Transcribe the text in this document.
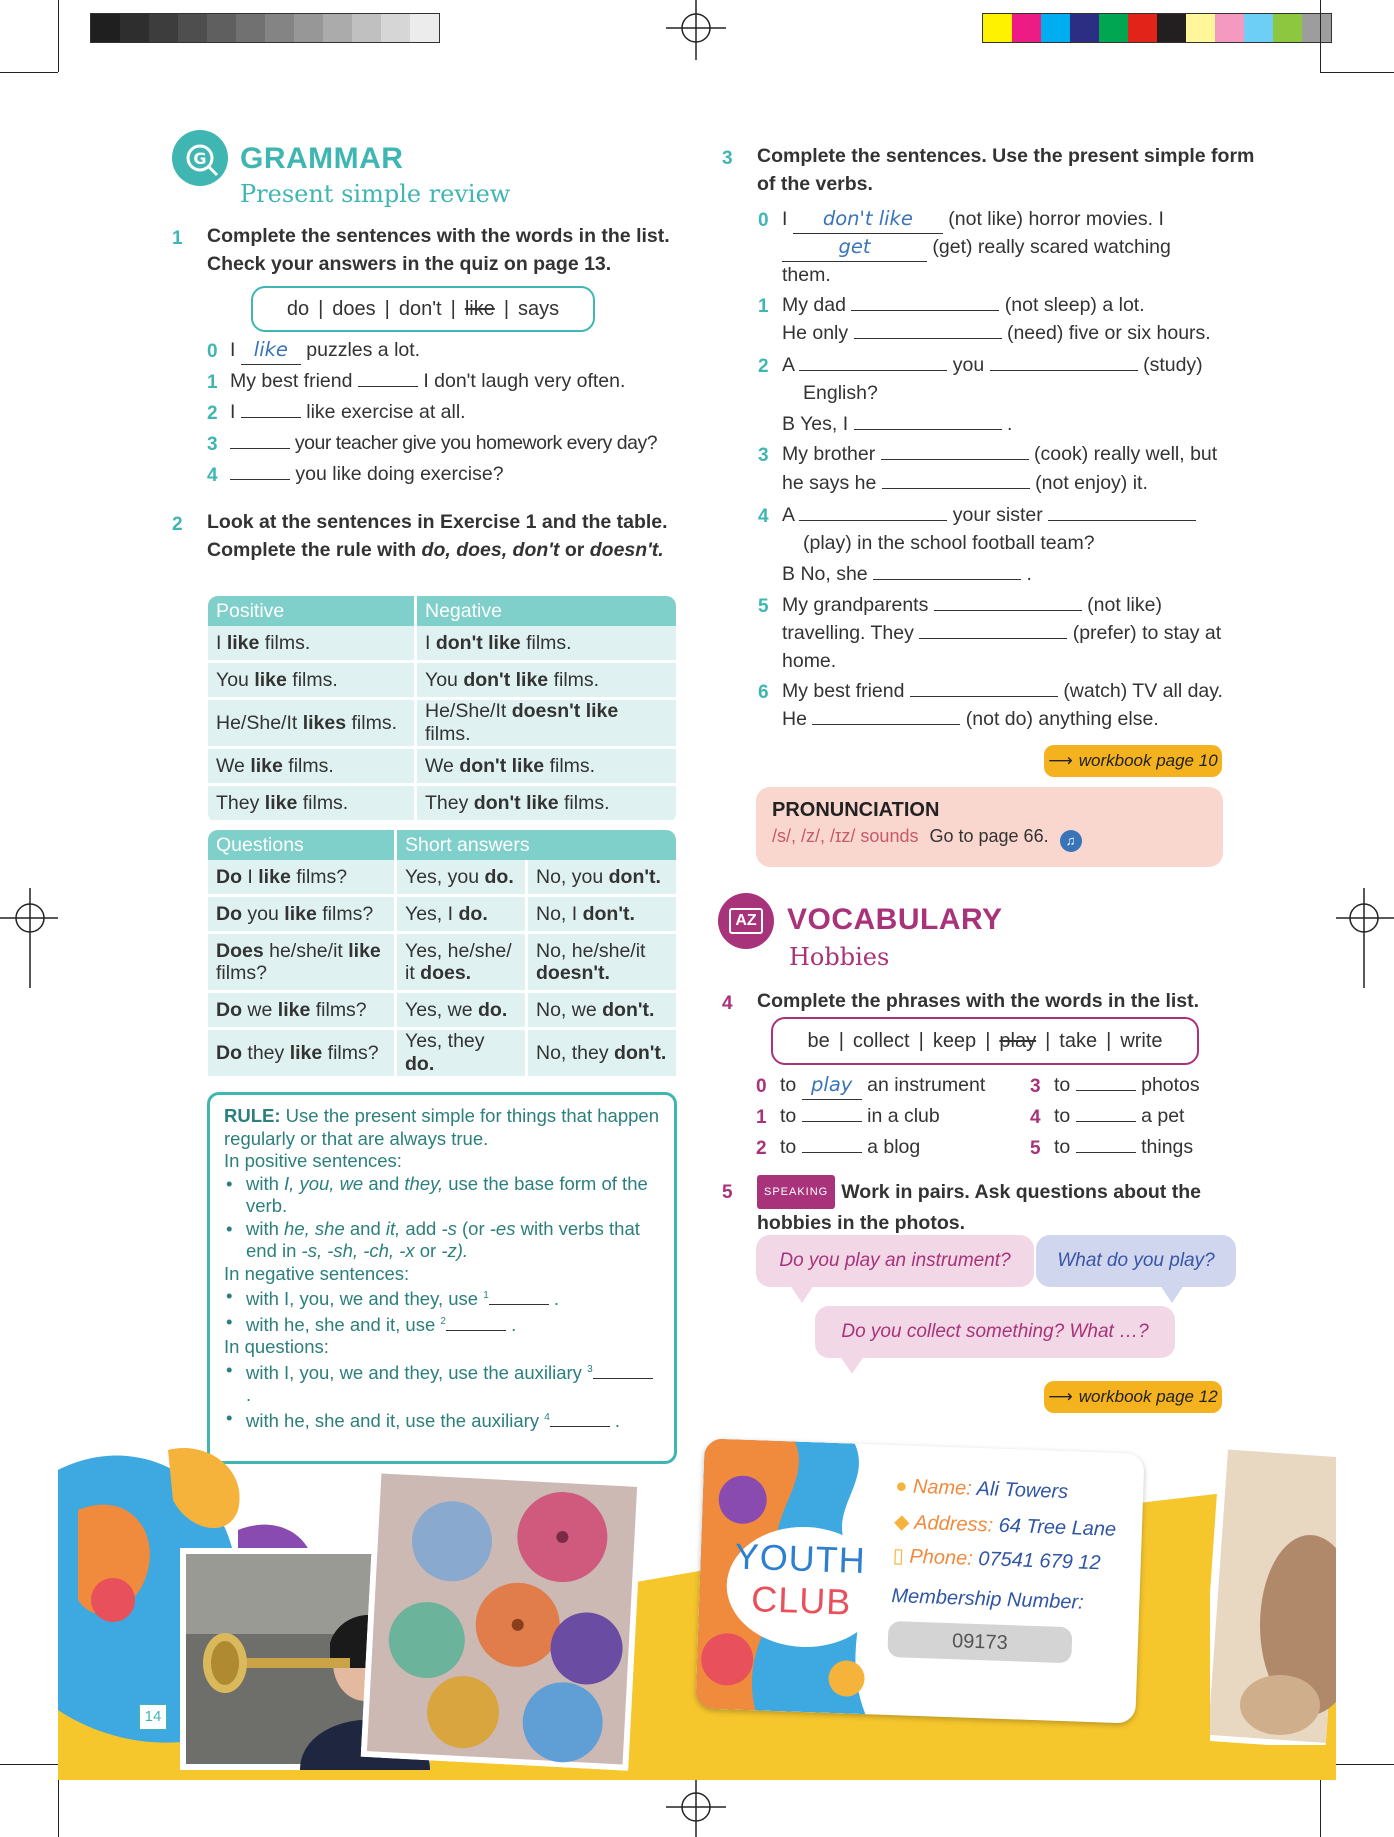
G GRAMMAR
Present simple review
1 Complete the sentences with the words in the list. Check your answers in the quiz on page 13.
do | does | don't | like | says
0 I like puzzles a lot.
1 My best friend	I don't laugh very often.
2 I	like exercise at all.
3	your teacher give you homework every day?
4	you like doing exercise?
2 Look at the sentences in Exercise 1 and the table. Complete the rule with do, does, don't or doesn't.
Positive	Negative
I like films.	I don't like films.
You like films.	You don't like films.
He/She/It likes films.	He/She/It doesn't like films.
We like films.	We don't like films.
They like films.	They don't like films.
Questions	Short answers	
Do I like films?	Yes, you do.	No, you don't.
Do you like films?	Yes, I do.	No, I don't.
Does he/she/it like films?	Yes, he/she/ it does.	No, he/she/it doesn't.
Do we like films?	Yes, we do.	No, we don't.
Do they like films?	Yes, they do.	No, they don't.
RULE: Use the present simple for things that happen regularly or that are always true.
In positive sentences:
• with I, you, we and they, use the base form of the verb.
• with he, she and it, add -s (or -es with verbs that end in -s, -sh, -ch, -x or -z).
In negative sentences:
• with I, you, we and they, use $^1$	.
• with he, she and it, use $^2$	.
In questions:
• with I, you, we and they, use the auxiliary $^3$ .
• with he, she and it, use the auxiliary $^4$	.
3 Complete the sentences. Use the present simple form of the verbs.
0 I don't like (not like) horror movies. I
get	(get) really scared watching
them.
1 My dad	(not sleep) a lot.
He only	(need) five or six hours.
2 A	you	(study)
English?
B Yes, I	.
3 My brother	(cook) really well, but
he says he	(not enjoy) it.
4 A	your sister
(play) in the school football team?
B No, she	.
5 My grandparents	(not like)
travelling. They	(prefer) to stay at
home.
6 My best friend	(watch) TV all day.
He	(not do) anything else.
⟶ workbook page 10
PRONUNCIATION
/s/, /z/, /ɪz/ sounds Go to page 66. ♫
AZ VOCABULARY
Hobbies
4 Complete the phrases with the words in the list.
be | collect | keep | play | take | write
0 to play an instrument
1 to	in a club
2 to	a blog
3 to	photos
4 to	a pet
5 to	things
5	SPEAKING Work in pairs. Ask questions about the hobbies in the photos.
Do you play an instrument? What do you play?
Do you collect something? What …?
⟶ workbook page 12
14
YOUTH
CLUB
● Name: Ali Towers
◆ Address: 64 Tree Lane
▯ Phone: 07541 679 12
Membership Number:
09173
